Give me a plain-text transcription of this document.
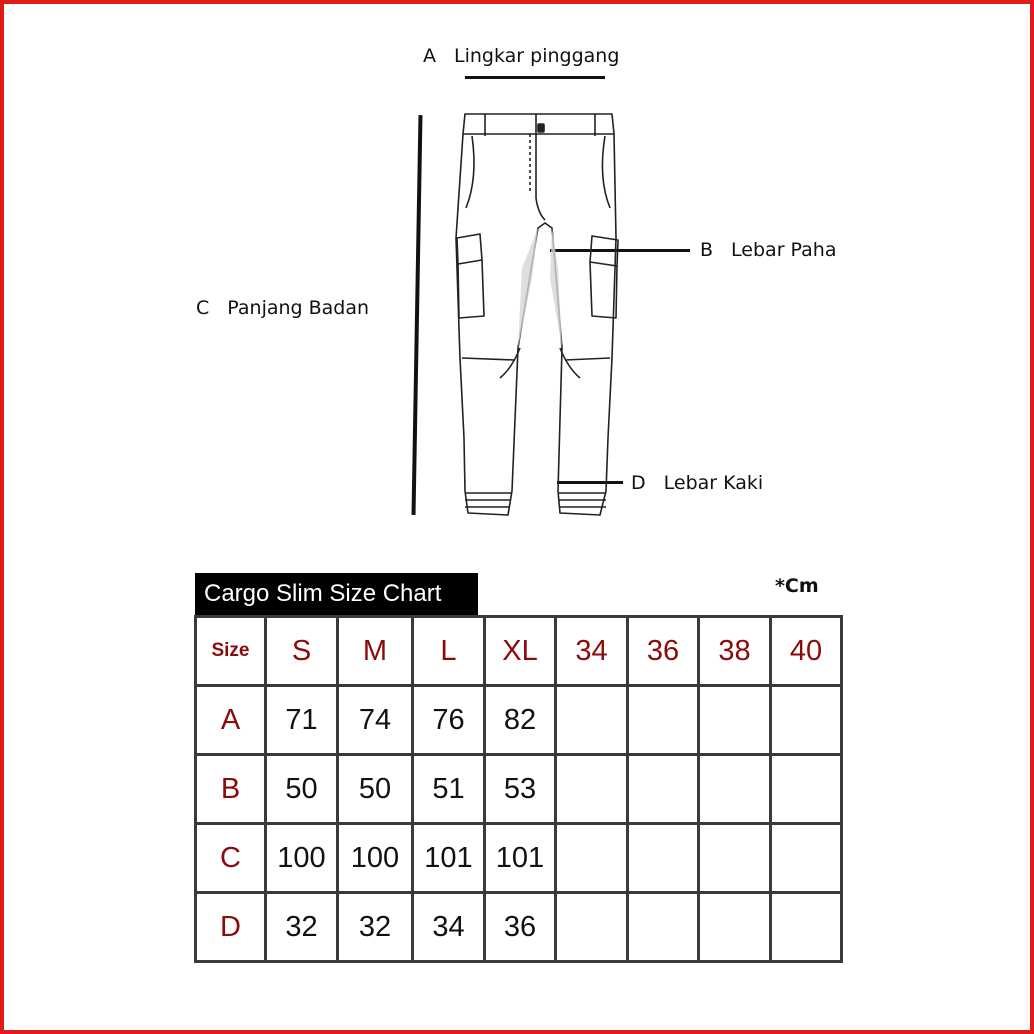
A Lingkar pinggang
C Panjang Badan
B Lebar Paha
D Lebar Kaki
Cargo Slim Size Chart	*Cm
Size	S	M	L	XL	34	36	38	40
A	71	74	76	82				
B	50	50	51	53				
C	100	100	101	101				
D	32	32	34	36				
